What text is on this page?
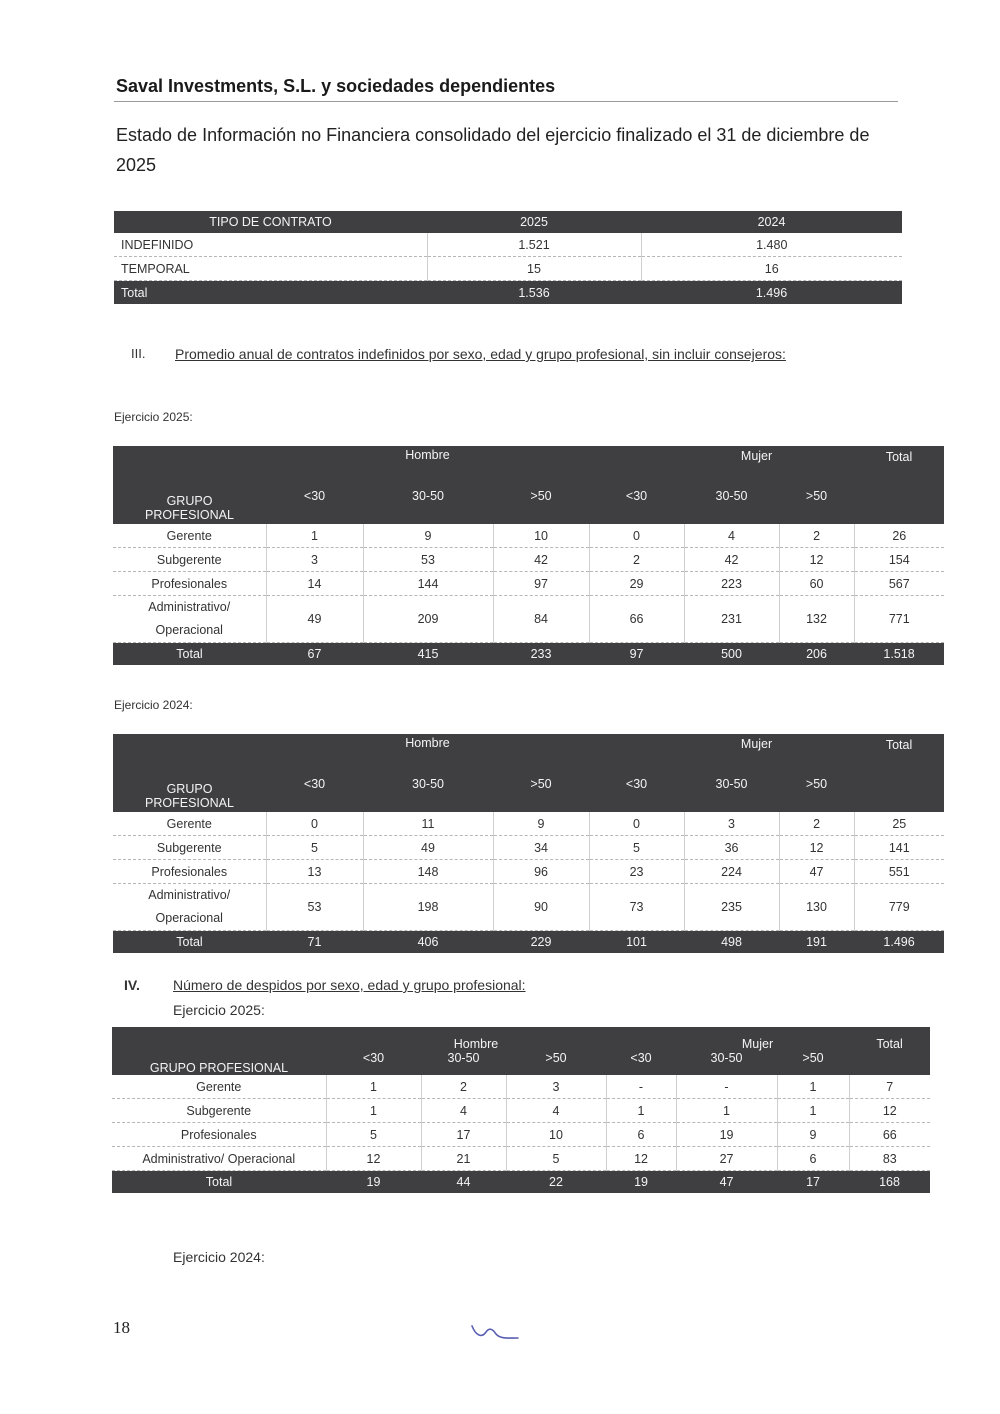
Saval Investments, S.L. y sociedades dependientes
Estado de Información no Financiera consolidado del ejercicio finalizado el 31 de diciembre de 2025
TIPO DE CONTRATO	2025	2024
INDEFINIDO	1.521	1.480
TEMPORAL	15	16
Total	1.536	1.496
III. Promedio anual de contratos indefinidos por sexo, edad y grupo profesional, sin incluir consejeros:
Ejercicio 2025:
GRUPO
PROFESIONAL	Hombre			Mujer			Total
	<30	30-50	>50	<30	30-50	>50	
Gerente	1	9	10	0	4	2	26
Subgerente	3	53	42	2	42	12	154
Profesionales	14	144	97	29	223	60	567
Administrativo/ Operacional	49	209	84	66	231	132	771
Total	67	415	233	97	500	206	1.518
Ejercicio 2024:
GRUPO
PROFESIONAL	Hombre			Mujer			Total
	<30	30-50	>50	<30	30-50	>50	
Gerente	0	11	9	0	3	2	25
Subgerente	5	49	34	5	36	12	141
Profesionales	13	148	96	23	224	47	551
Administrativo/ Operacional	53	198	90	73	235	130	779
Total	71	406	229	101	498	191	1.496
IV. Número de despidos por sexo, edad y grupo profesional:
Ejercicio 2025:
GRUPO PROFESIONAL	Hombre			Mujer			Total
	<30	30-50	>50	<30	30-50	>50	
Gerente	1	2	3	-	-	1	7
Subgerente	1	4	4	1	1	1	12
Profesionales	5	17	10	6	19	9	66
Administrativo/ Operacional	12	21	5	12	27	6	83
Total	19	44	22	19	47	17	168
Ejercicio 2024:
18
